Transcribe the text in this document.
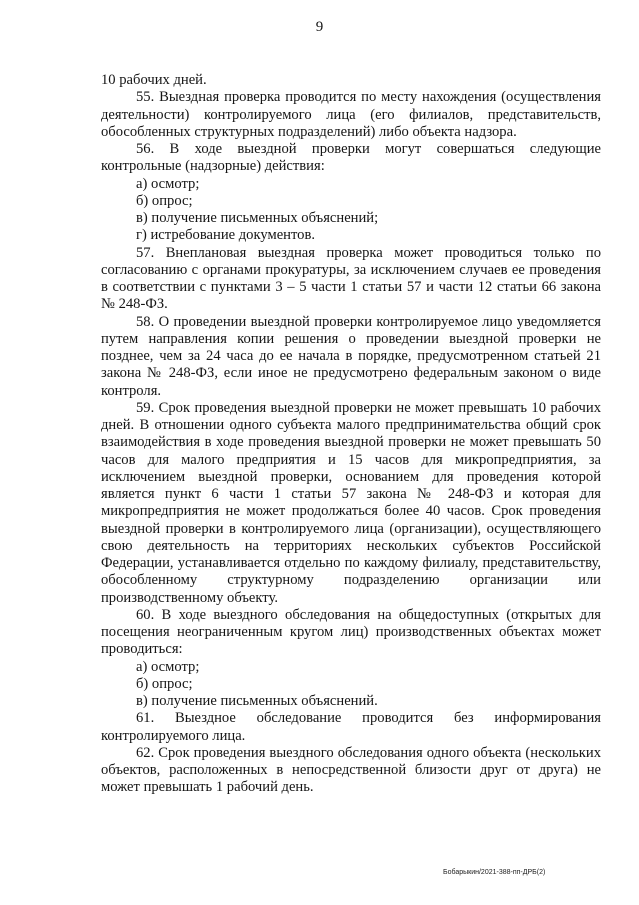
9

10 рабочих дней.

55. Выездная проверка проводится по месту нахождения (осуществления деятельности) контролируемого лица (его филиалов, представительств, обособленных структурных подразделений) либо объекта надзора.

56. В ходе выездной проверки могут совершаться следующие контрольные (надзорные) действия:

а) осмотр;

б) опрос;

в) получение письменных объяснений;

г) истребование документов.

57. Внеплановая выездная проверка может проводиться только по согласованию с органами прокуратуры, за исключением случаев ее проведения в соответствии с пунктами 3 – 5 части 1 статьи 57 и части 12 статьи 66 закона № 248-ФЗ.

58. О проведении выездной проверки контролируемое лицо уведомляется путем направления копии решения о проведении выездной проверки не позднее, чем за 24 часа до ее начала в порядке, предусмотренном статьей 21 закона № 248-ФЗ, если иное не предусмотрено федеральным законом о виде контроля.

59. Срок проведения выездной проверки не может превышать 10 рабочих дней. В отношении одного субъекта малого предпринимательства общий срок взаимодействия в ходе проведения выездной проверки не может превышать 50 часов для малого предприятия и 15 часов для микропредприятия, за исключением выездной проверки, основанием для проведения которой является пункт 6 части 1 статьи 57 закона № 248-ФЗ и которая для микропредприятия не может продолжаться более 40 часов. Срок проведения выездной проверки в контролируемого лица (организации), осуществляющего свою деятельность на территориях нескольких субъектов Российской Федерации, устанавливается отдельно по каждому филиалу, представительству, обособленному структурному подразделению организации или производственному объекту.

60. В ходе выездного обследования на общедоступных (открытых для посещения неограниченным кругом лиц) производственных объектах может проводиться:

а) осмотр;

б) опрос;

в) получение письменных объяснений.

61. Выездное обследование проводится без информирования контролируемого лица.

62. Срок проведения выездного обследования одного объекта (нескольких объектов, расположенных в непосредственной близости друг от друга) не может превышать 1 рабочий день.

Бобарыкин/2021-388-пп-ДРБ(2)
